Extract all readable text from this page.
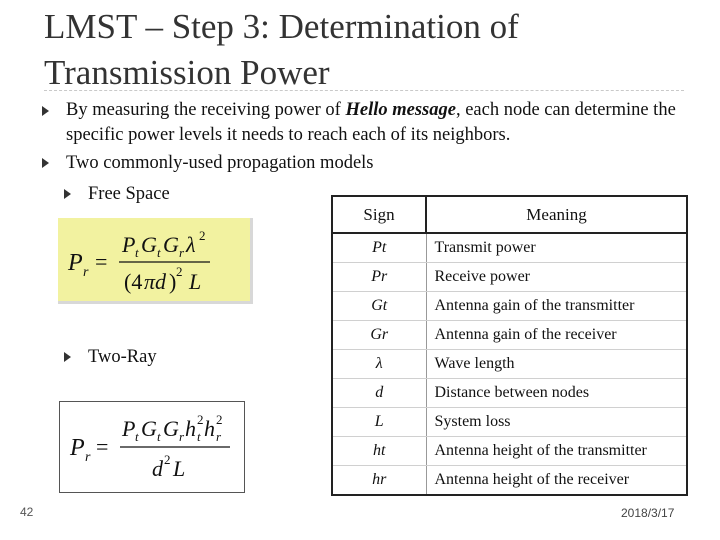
LMST – Step 3: Determination of Transmission Power
By measuring the receiving power of Hello message, each node can determine the specific power levels it needs to reach each of its neighbors.
Two commonly-used propagation models
Free Space
Two-Ray
P r =
P t G t G r λ 2
(4 πd ) 2 L
P r =
P t G t G r h 2
t h 2
r
d 2 L
Sign	Meaning
Pt	Transmit power
Pr	Receive power
Gt	Antenna gain of the transmitter
Gr	Antenna gain of the receiver
λ	Wave length
d	Distance between nodes
L	System loss
ht	Antenna height of the transmitter
hr	Antenna height of the receiver
42	2018/3/17
